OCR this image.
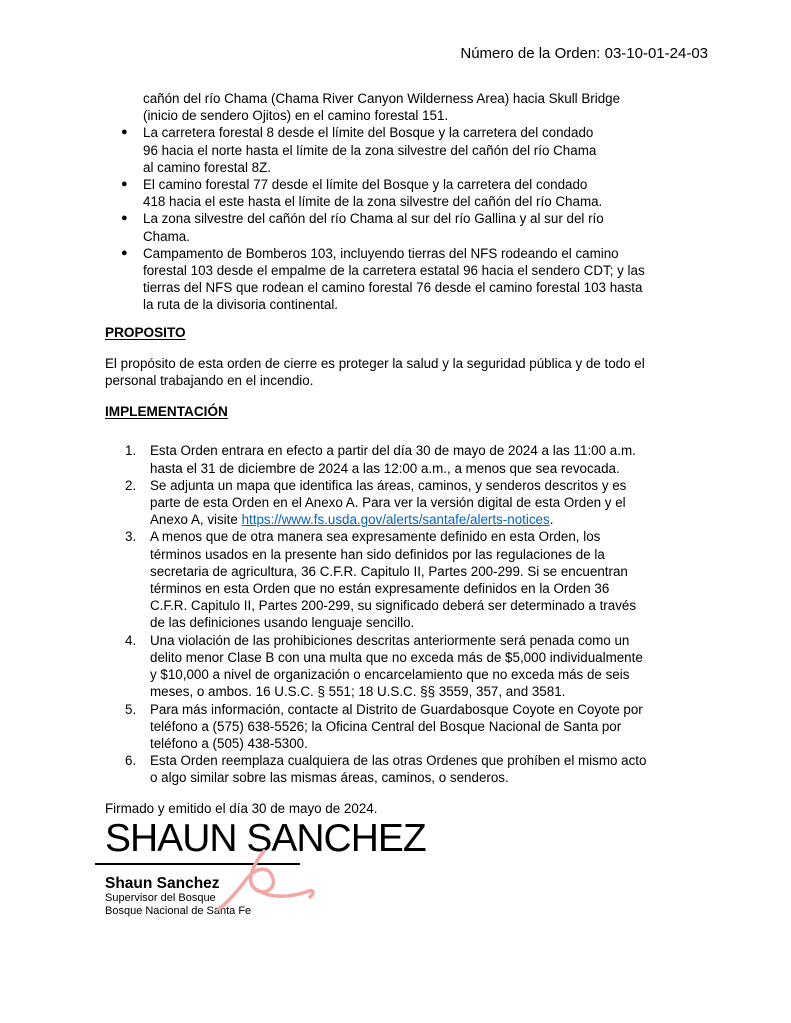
Número de la Orden: 03-10-01-24-03
cañón del río Chama (Chama River Canyon Wilderness Area) hacia Skull Bridge
(inicio de sendero Ojitos) en el camino forestal 151.
●	La carretera forestal 8 desde el límite del Bosque y la carretera del condado
96 hacia el norte hasta el límite de la zona silvestre del cañón del río Chama
al camino forestal 8Z.
●	El camino forestal 77 desde el límite del Bosque y la carretera del condado
418 hacia el este hasta el límite de la zona silvestre del cañón del río Chama.
●	La zona silvestre del cañón del río Chama al sur del río Gallina y al sur del río
Chama.
●	Campamento de Bomberos 103, incluyendo tierras del NFS rodeando el camino
forestal 103 desde el empalme de la carretera estatal 96 hacia el sendero CDT; y las
tierras del NFS que rodean el camino forestal 76 desde el camino forestal 103 hasta
la ruta de la divisoria continental.
PROPOSITO
El propósito de esta orden de cierre es proteger la salud y la seguridad pública y de todo el
personal trabajando en el incendio.
IMPLEMENTACIÓN
1.	Esta Orden entrara en efecto a partir del día 30 de mayo de 2024 a las 11:00 a.m.
hasta el 31 de diciembre de 2024 a las 12:00 a.m., a menos que sea revocada.
2.	Se adjunta un mapa que identifica las áreas, caminos, y senderos descritos y es
parte de esta Orden en el Anexo A. Para ver la versión digital de esta Orden y el
Anexo A, visite https://www.fs.usda.gov/alerts/santafe/alerts-notices.
3.	A menos que de otra manera sea expresamente definido en esta Orden, los
términos usados en la presente han sido definidos por las regulaciones de la
secretaria de agricultura, 36 C.F.R. Capitulo II, Partes 200-299. Si se encuentran
términos en esta Orden que no están expresamente definidos en la Orden 36
C.F.R. Capitulo II, Partes 200-299, su significado deberá ser determinado a través
de las definiciones usando lenguaje sencillo.
4.	Una violación de las prohibiciones descritas anteriormente será penada como un
delito menor Clase B con una multa que no exceda más de $5,000 individualmente
y $10,000 a nivel de organización o encarcelamiento que no exceda más de seis
meses, o ambos. 16 U.S.C. § 551; 18 U.S.C. §§ 3559, 357, and 3581.
5.	Para más información, contacte al Distrito de Guardabosque Coyote en Coyote por
teléfono a (575) 638-5526; la Oficina Central del Bosque Nacional de Santa por
teléfono a (505) 438-5300.
6.	Esta Orden reemplaza cualquiera de las otras Ordenes que prohíben el mismo acto
o algo similar sobre las mismas áreas, caminos, o senderos.
Firmado y emitido el día 30 de mayo de 2024.
SHAUN SANCHEZ
Shaun Sanchez
Supervisor del Bosque
Bosque Nacional de Santa Fe
